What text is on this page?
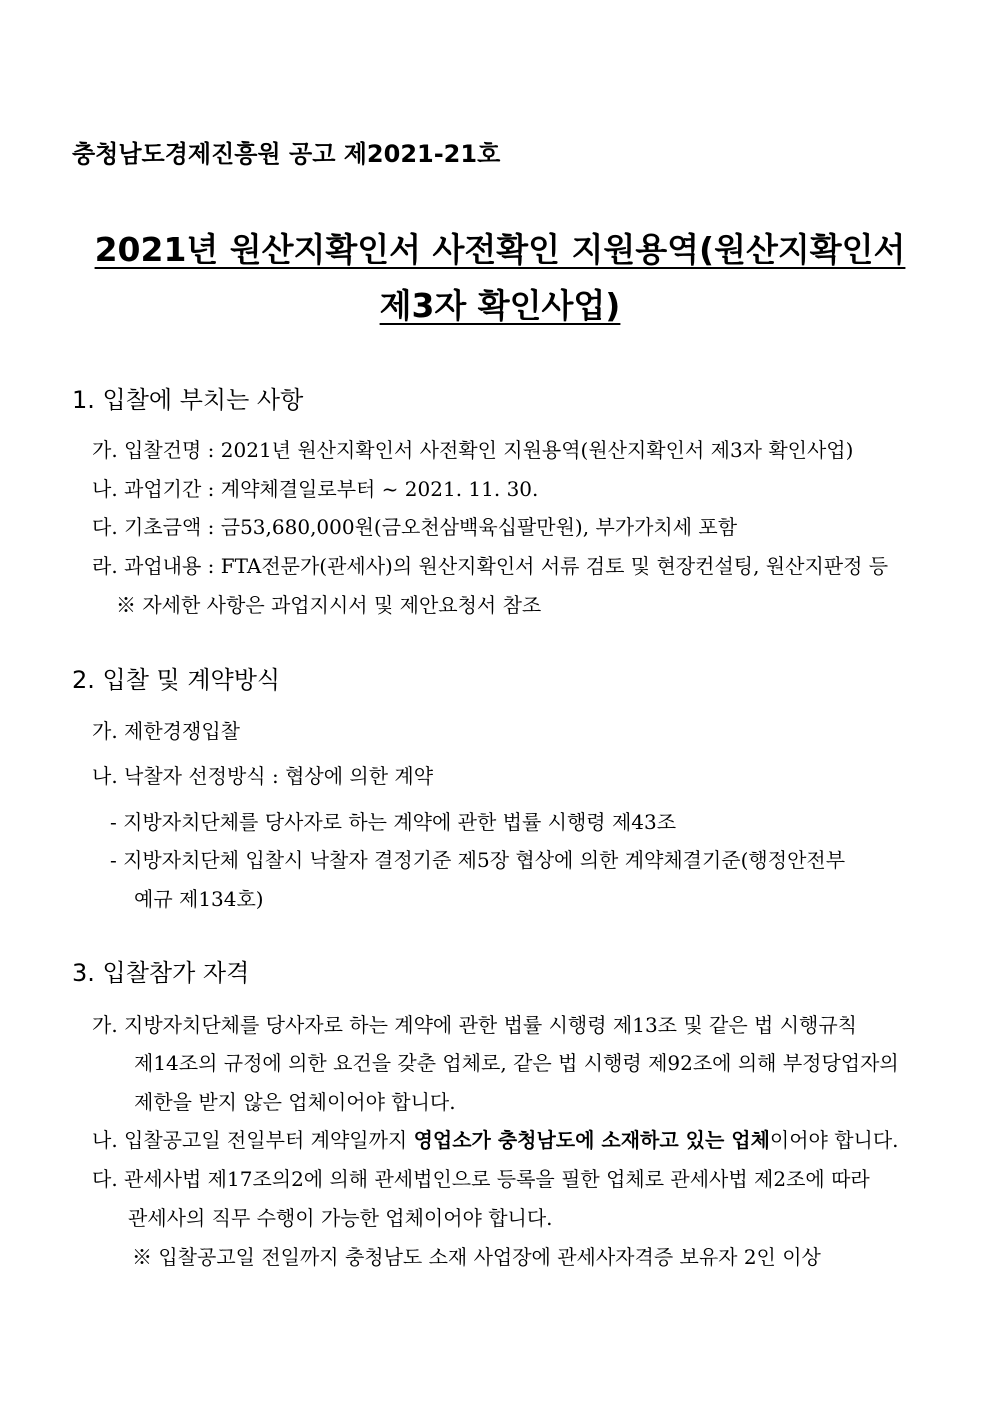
충청남도경제진흥원 공고 제2021-21호
2021년 원산지확인서 사전확인 지원용역(원산지확인서
제3자 확인사업)
1. 입찰에 부치는 사항
가. 입찰건명 : 2021년 원산지확인서 사전확인 지원용역(원산지확인서 제3자 확인사업)
나. 과업기간 : 계약체결일로부터 ~ 2021. 11. 30.
다. 기초금액 : 금53,680,000원(금오천삼백육십팔만원), 부가가치세 포함
라. 과업내용 : FTA전문가(관세사)의 원산지확인서 서류 검토 및 현장컨설팅, 원산지판정 등
※ 자세한 사항은 과업지시서 및 제안요청서 참조
2. 입찰 및 계약방식
가. 제한경쟁입찰
나. 낙찰자 선정방식 : 협상에 의한 계약
- 지방자치단체를 당사자로 하는 계약에 관한 법률 시행령 제43조
- 지방자치단체 입찰시 낙찰자 결정기준 제5장 협상에 의한 계약체결기준(행정안전부
예규 제134호)
3. 입찰참가 자격
가. 지방자치단체를 당사자로 하는 계약에 관한 법률 시행령 제13조 및 같은 법 시행규칙
제14조의 규정에 의한 요건을 갖춘 업체로, 같은 법 시행령 제92조에 의해 부정당업자의
제한을 받지 않은 업체이어야 합니다.
나. 입찰공고일 전일부터 계약일까지 영업소가 충청남도에 소재하고 있는 업체이어야 합니다.
다. 관세사법 제17조의2에 의해 관세법인으로 등록을 필한 업체로 관세사법 제2조에 따라
관세사의 직무 수행이 가능한 업체이어야 합니다.
※ 입찰공고일 전일까지 충청남도 소재 사업장에 관세사자격증 보유자 2인 이상
